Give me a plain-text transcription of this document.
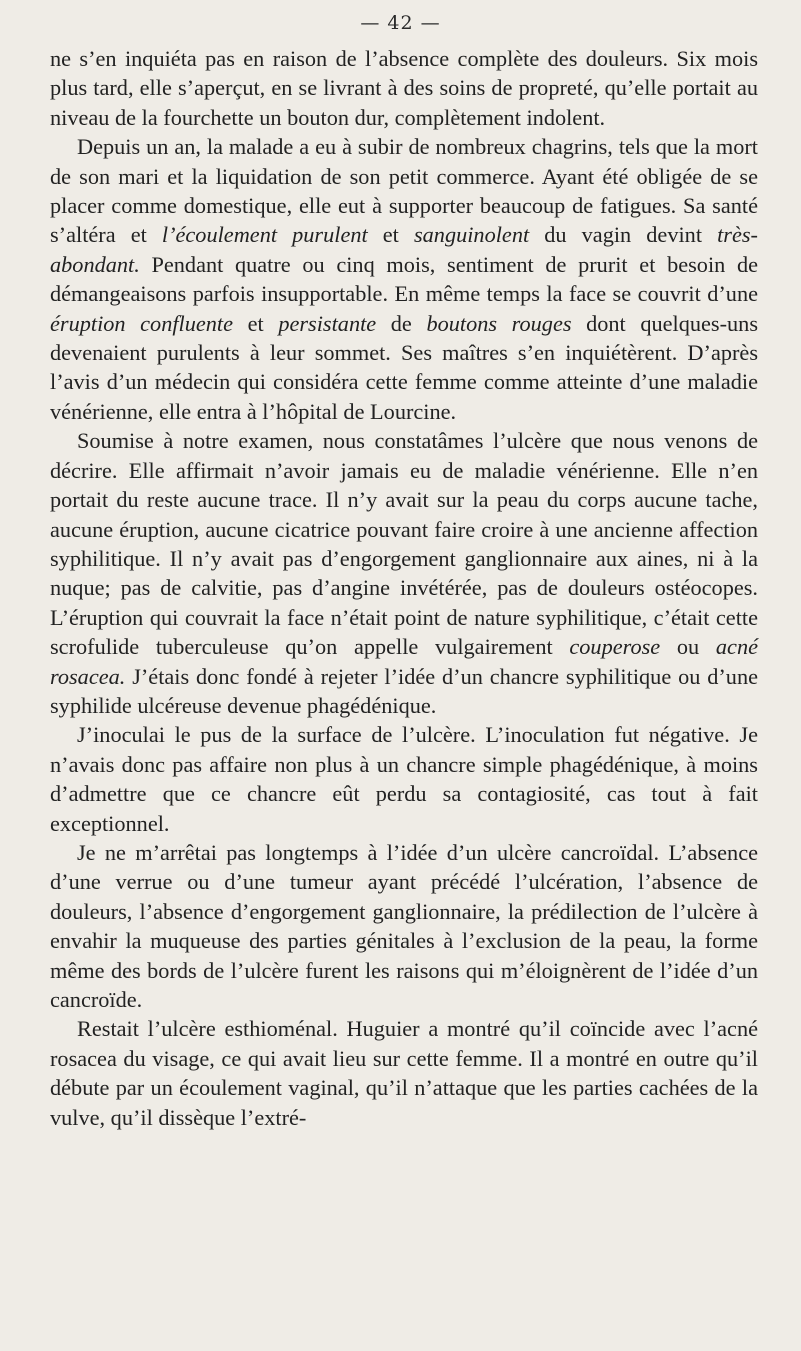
— 42 —

ne s’en inquiéta pas en raison de l’absence complète des douleurs. Six mois plus tard, elle s’aperçut, en se livrant à des soins de propreté, qu’elle portait au niveau de la fourchette un bouton dur, complètement indolent.

Depuis un an, la malade a eu à subir de nombreux chagrins, tels que la mort de son mari et la liquidation de son petit commerce. Ayant été obligée de se placer comme domestique, elle eut à supporter beaucoup de fatigues. Sa santé s’altéra et l’écoulement purulent et sanguinolent du vagin devint très-abondant. Pendant quatre ou cinq mois, sentiment de prurit et besoin de démangeaisons parfois insupportable. En même temps la face se couvrit d’une éruption confluente et persistante de boutons rouges dont quelques-uns devenaient purulents à leur sommet. Ses maîtres s’en inquiétèrent. D’après l’avis d’un médecin qui considéra cette femme comme atteinte d’une maladie vénérienne, elle entra à l’hôpital de Lourcine.

Soumise à notre examen, nous constatâmes l’ulcère que nous venons de décrire. Elle affirmait n’avoir jamais eu de maladie vénérienne. Elle n’en portait du reste aucune trace. Il n’y avait sur la peau du corps aucune tache, aucune éruption, aucune cicatrice pouvant faire croire à une ancienne affection syphilitique. Il n’y avait pas d’engorgement ganglionnaire aux aines, ni à la nuque; pas de calvitie, pas d’angine invétérée, pas de douleurs ostéocopes. L’éruption qui couvrait la face n’était point de nature syphilitique, c’était cette scrofulide tuberculeuse qu’on appelle vulgairement couperose ou acné rosacea. J’étais donc fondé à rejeter l’idée d’un chancre syphilitique ou d’une syphilide ulcéreuse devenue phagédénique.

J’inoculai le pus de la surface de l’ulcère. L’inoculation fut négative. Je n’avais donc pas affaire non plus à un chancre simple phagédénique, à moins d’admettre que ce chancre eût perdu sa contagiosité, cas tout à fait exceptionnel.

Je ne m’arrêtai pas longtemps à l’idée d’un ulcère cancroïdal. L’absence d’une verrue ou d’une tumeur ayant précédé l’ulcération, l’absence de douleurs, l’absence d’engorgement ganglionnaire, la prédilection de l’ulcère à envahir la muqueuse des parties génitales à l’exclusion de la peau, la forme même des bords de l’ulcère furent les raisons qui m’éloignèrent de l’idée d’un cancroïde.

Restait l’ulcère esthioménal. Huguier a montré qu’il coïncide avec l’acné rosacea du visage, ce qui avait lieu sur cette femme. Il a montré en outre qu’il débute par un écoulement vaginal, qu’il n’attaque que les parties cachées de la vulve, qu’il dissèque l’extré-
